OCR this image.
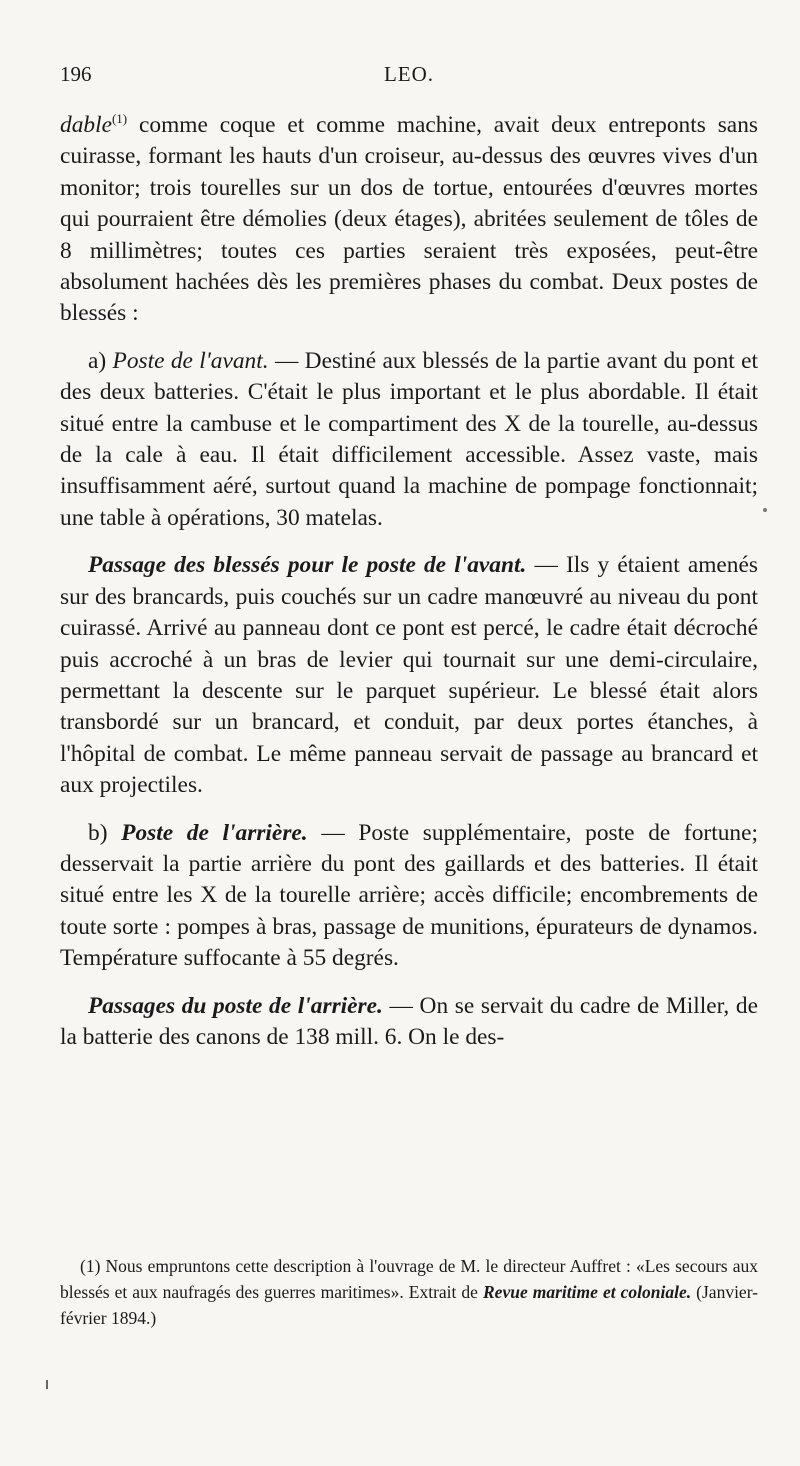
196	LEO.

dable$^{(1)}$ comme coque et comme machine, avait deux entreponts sans cuirasse, formant les hauts d'un croiseur, au-dessus des œuvres vives d'un monitor; trois tourelles sur un dos de tortue, entourées d'œuvres mortes qui pourraient être démolies (deux étages), abritées seulement de tôles de 8 millimètres; toutes ces parties seraient très exposées, peut-être absolument hachées dès les premières phases du combat. Deux postes de blessés :

a) Poste de l'avant. — Destiné aux blessés de la partie avant du pont et des deux batteries. C'était le plus important et le plus abordable. Il était situé entre la cambuse et le compartiment des X de la tourelle, au-dessus de la cale à eau. Il était difficilement accessible. Assez vaste, mais insuffisamment aéré, surtout quand la machine de pompage fonctionnait; une table à opérations, 30 matelas.

Passage des blessés pour le poste de l'avant. — Ils y étaient amenés sur des brancards, puis couchés sur un cadre manœuvré au niveau du pont cuirassé. Arrivé au panneau dont ce pont est percé, le cadre était décroché puis accroché à un bras de levier qui tournait sur une demi-circulaire, permettant la descente sur le parquet supérieur. Le blessé était alors transbordé sur un brancard, et conduit, par deux portes étanches, à l'hôpital de combat. Le même panneau servait de passage au brancard et aux projectiles.

b) Poste de l'arrière. — Poste supplémentaire, poste de fortune; desservait la partie arrière du pont des gaillards et des batteries. Il était situé entre les X de la tourelle arrière; accès difficile; encombrements de toute sorte : pompes à bras, passage de munitions, épurateurs de dynamos. Température suffocante à 55 degrés.

Passages du poste de l'arrière. — On se servait du cadre de Miller, de la batterie des canons de 138 mill. 6. On le des-

(1) Nous empruntons cette description à l'ouvrage de M. le directeur Auffret : «Les secours aux blessés et aux naufragés des guerres maritimes». Extrait de Revue maritime et coloniale. (Janvier-février 1894.)
